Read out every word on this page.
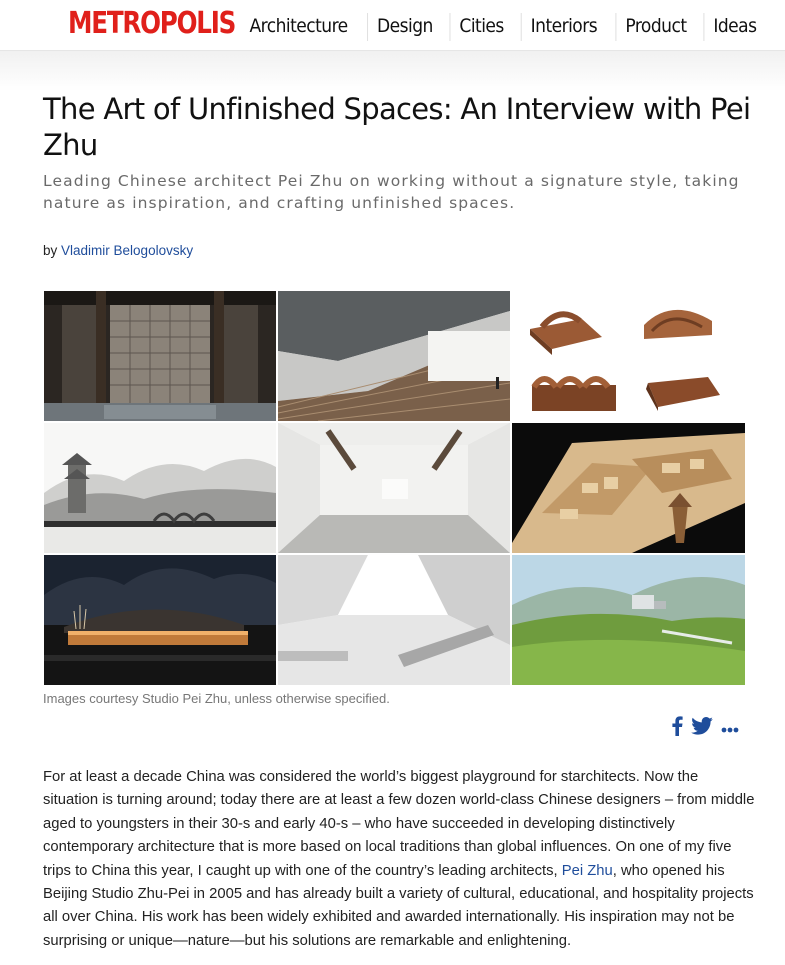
METROPOLIS Architecture	Design	Cities	Interiors	Product	Ideas
The Art of Unfinished Spaces: An Interview with Pei Zhu

Leading Chinese architect Pei Zhu on working without a signature style, taking nature as inspiration, and crafting unfinished spaces.

by Vladimir Belogolovsky
Images courtesy Studio Pei Zhu, unless otherwise specified.

For at least a decade China was considered the world’s biggest playground for starchitects. Now the situation is turning around; today there are at least a few dozen world-class Chinese designers – from middle aged to youngsters in their 30-s and early 40-s – who have succeeded in developing distinctively contemporary architecture that is more based on local traditions than global influences. On one of my five trips to China this year, I caught up with one of the country’s leading architects, Pei Zhu, who opened his Beijing Studio Zhu-Pei in 2005 and has already built a variety of cultural, educational, and hospitality projects all over China. His work has been widely exhibited and awarded internationally. His inspiration may not be surprising or unique—nature—but his solutions are remarkable and enlightening.
